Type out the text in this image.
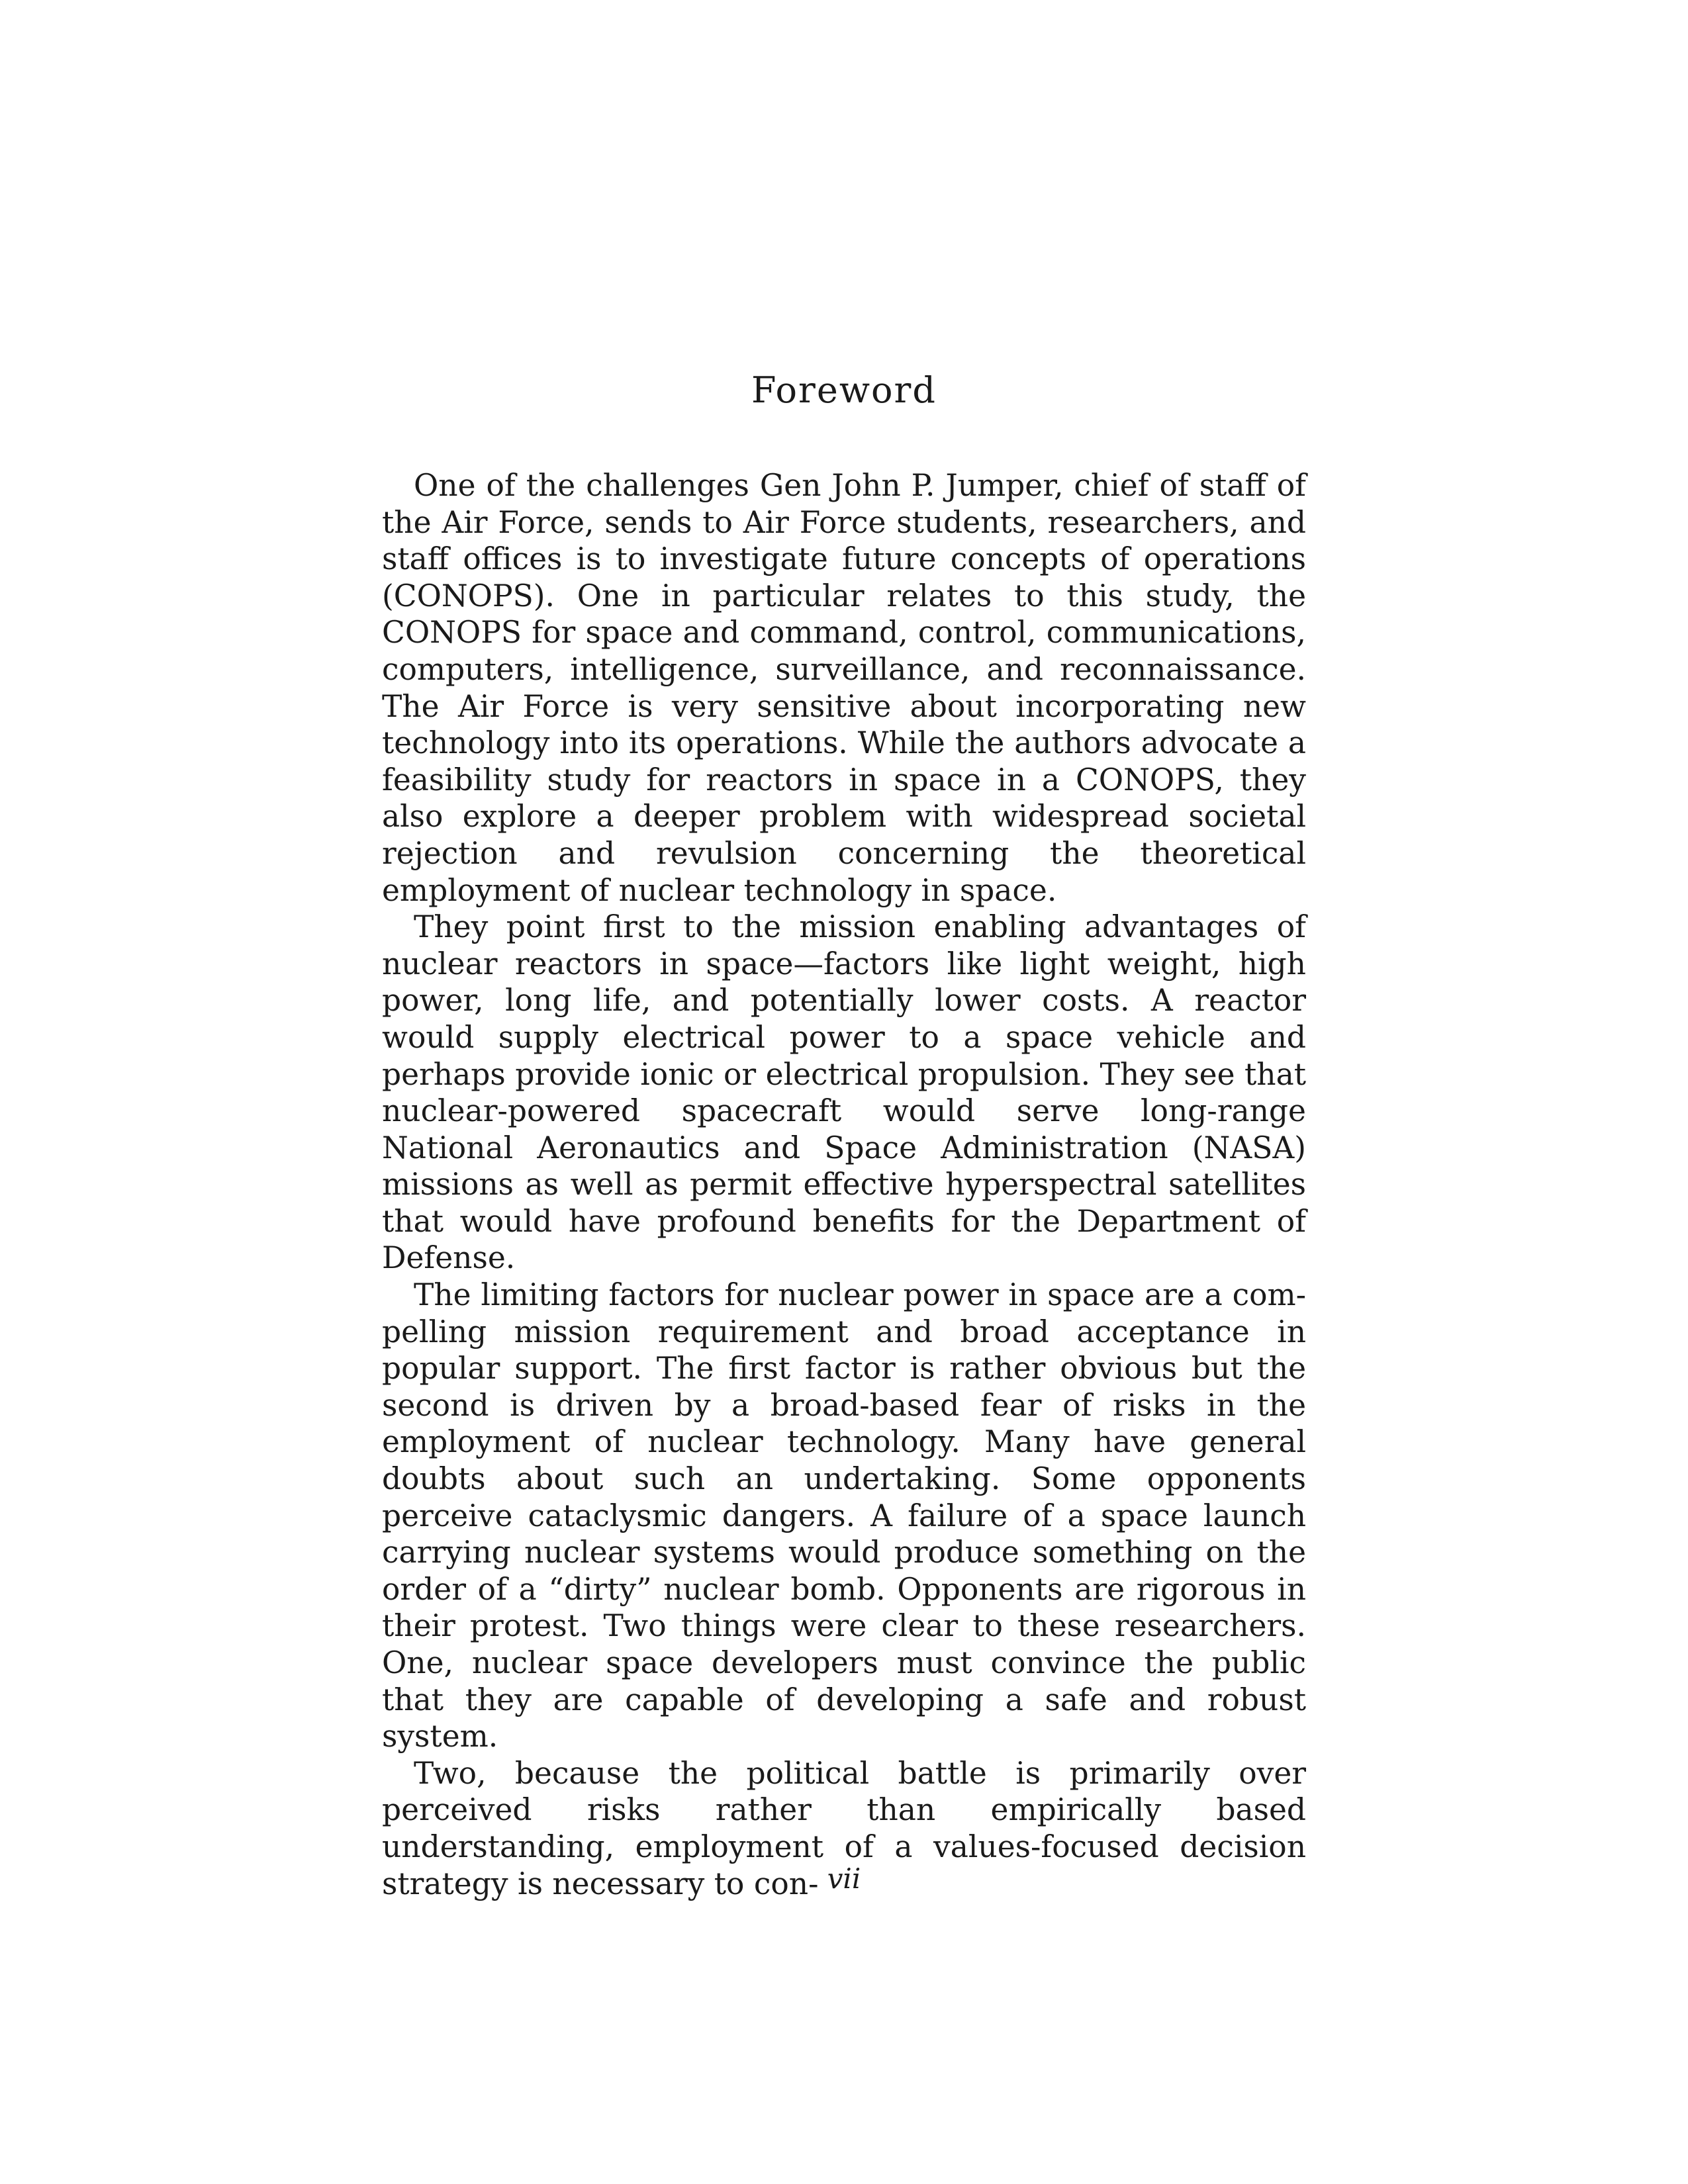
Foreword

One of the challenges Gen John P. Jumper, chief of staff of the Air Force, sends to Air Force students, researchers, and staff offices is to investigate future concepts of operations (CONOPS). One in particular relates to this study, the CONOPS for space and command, control, communications, computers, intelligence, surveillance, and reconnaissance. The Air Force is very sensitive about incorporating new technology into its operations. While the authors advocate a feasibility study for reactors in space in a CONOPS, they also explore a deeper problem with widespread societal rejection and revulsion concerning the theoretical employment of nuclear technology in space.

They point first to the mission enabling advantages of nuclear reactors in space—factors like light weight, high power, long life, and potentially lower costs. A reactor would supply electrical power to a space vehicle and perhaps provide ionic or electrical propulsion. They see that nuclear-powered spacecraft would serve long-range National Aeronautics and Space Administration (NASA) missions as well as permit effective hyperspectral satellites that would have profound benefits for the Department of Defense.

The limiting factors for nuclear power in space are a compelling mission requirement and broad acceptance in popular support. The first factor is rather obvious but the second is driven by a broad-based fear of risks in the employment of nuclear technology. Many have general doubts about such an undertaking. Some opponents perceive cataclysmic dangers. A failure of a space launch carrying nuclear systems would produce something on the order of a “dirty” nuclear bomb. Opponents are rigorous in their protest. Two things were clear to these researchers. One, nuclear space developers must convince the public that they are capable of developing a safe and robust system.

Two, because the political battle is primarily over perceived risks rather than empirically based understanding, employment of a values-focused decision strategy is necessary to con- vii
